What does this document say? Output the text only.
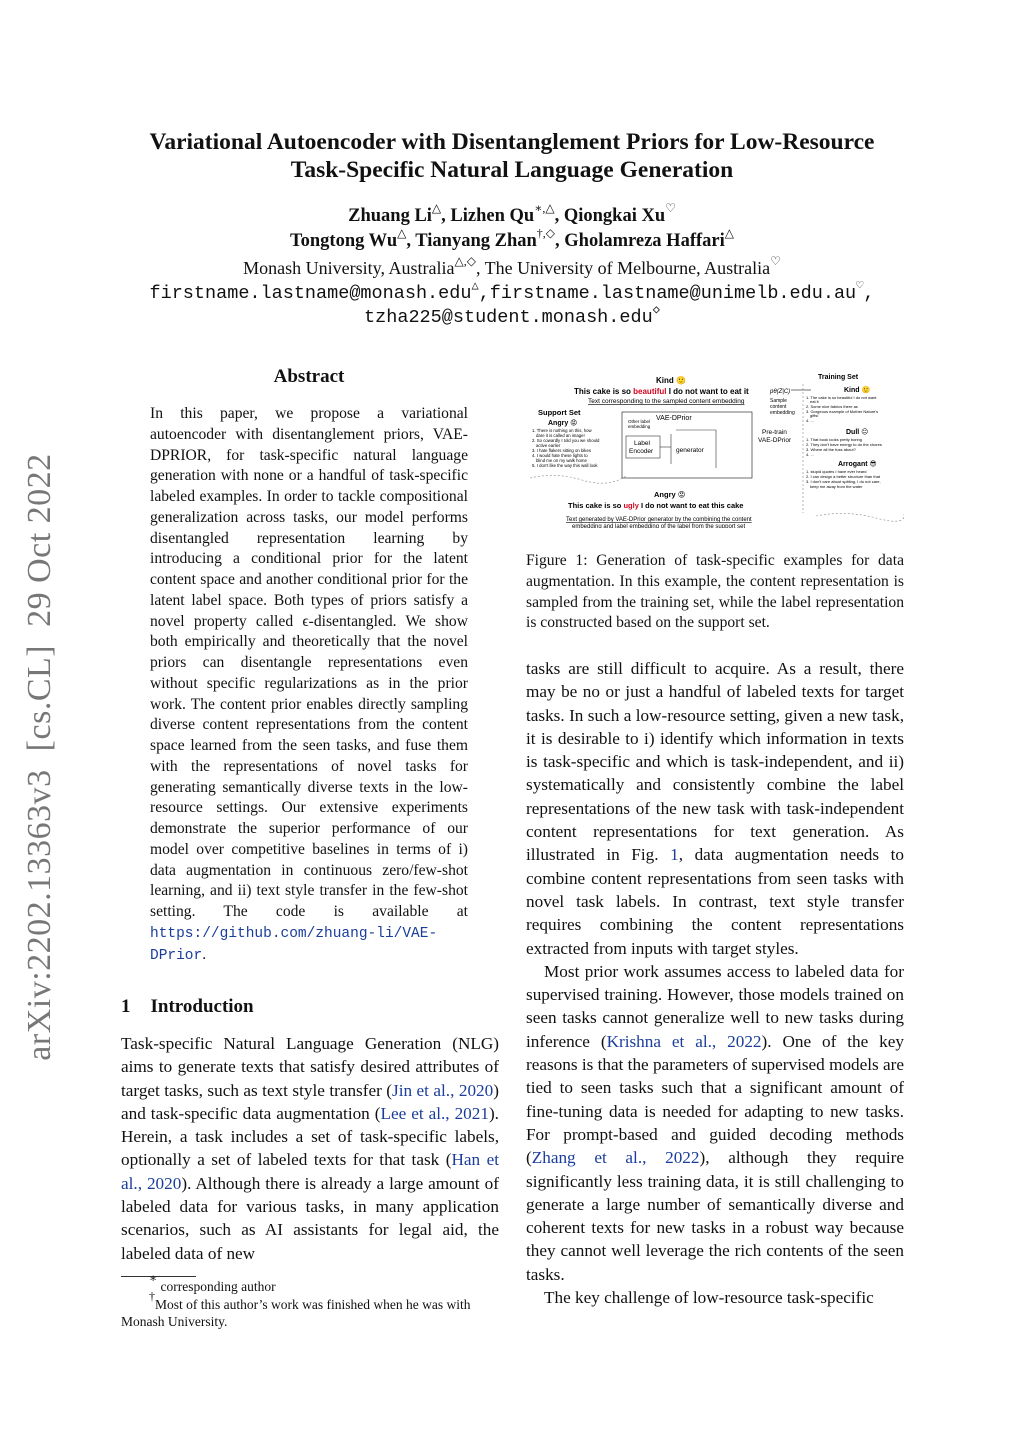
Variational Autoencoder with Disentanglement Priors for Low-Resource
Task-Specific Natural Language Generation
Zhuang Li△, Lizhen Qu∗,△, Qiongkai Xu♡
Tongtong Wu△, Tianyang Zhan†,◇, Gholamreza Haffari△
Monash University, Australia△,◇, The University of Melbourne, Australia♡
firstname.lastname@monash.edu△,firstname.lastname@unimelb.edu.au♡,
tzha225@student.monash.edu◇
arXiv:2202.13363v3  [cs.CL]  29 Oct 2022
Abstract
In this paper, we propose a variational autoencoder with disentanglement priors, VAE-DPRIOR, for task-specific natural language generation with none or a handful of task-specific labeled examples. In order to tackle compositional generalization across tasks, our model performs disentangled representation learning by introducing a conditional prior for the latent content space and another conditional prior for the latent label space. Both types of priors satisfy a novel property called ϵ-disentangled. We show both empirically and theoretically that the novel priors can disentangle representations even without specific regularizations as in the prior work. The content prior enables directly sampling diverse content representations from the content space learned from the seen tasks, and fuse them with the representations of novel tasks for generating semantically diverse texts in the low-resource settings. Our extensive experiments demonstrate the superior performance of our model over competitive baselines in terms of i) data augmentation in continuous zero/few-shot learning, and ii) text style transfer in the few-shot setting. The code is available at https://github.com/zhuang-li/VAE-DPrior.
1 Introduction

Task-specific Natural Language Generation (NLG) aims to generate texts that satisfy desired attributes of target tasks, such as text style transfer (Jin et al., 2020) and task-specific data augmentation (Lee et al., 2021). Herein, a task includes a set of task-specific labels, optionally a set of labeled texts for that task (Han et al., 2020). Although there is already a large amount of labeled data for various tasks, in many application scenarios, such as AI assistants for legal aid, the labeled data of new

∗ corresponding author
†Most of this author’s work was finished when he was with Monash University.
Kind 🙂
This cake is so beautiful I do not want to eat it
Text corresponding to the sampled content embedding
pθ(Z|C)
Sample content embedding
Support Set
Angry 😡
1. There is nothing on this, how
dare it is called an image!
2. So cowardly I told you we should
active earlier
3. I hate flakers sitting on bikes
4. I would hate these lights to
blind me on my walk home
5. I don't like the way this wall look
VAE-DPrior
Other label embedding
Label Encoder	generator
Pre-train VAE-DPrior
Training Set
Kind 🙂
1. The cake is so beautiful I do not want
eat it
2. Some nice fabrics there as
3. Gorgeous example of Mother Nature's
gifts!
4. ...
Dull 😐
1. That book looks pretty boring
2. They don't have energy to do the chores
3. Where all the fuss about?
4. ...
Arrogant 😎
1. stupid quotes I have ever heard
2. I can design a better structure than that
3. I don't care about spitting, I do not care,
keep me away from the water
Angry 😡
This cake is so ugly I do not want to eat this cake
Text generated by VAE-DPrior generator by the combining the content embedding and label embedding of the label from the support set
Figure 1: Generation of task-specific examples for data augmentation. In this example, the content representation is sampled from the training set, while the label representation is constructed based on the support set.

tasks are still difficult to acquire. As a result, there may be no or just a handful of labeled texts for target tasks. In such a low-resource setting, given a new task, it is desirable to i) identify which information in texts is task-specific and which is task-independent, and ii) systematically and consistently combine the label representations of the new task with task-independent content representations for text generation. As illustrated in Fig. 1, data augmentation needs to combine content representations from seen tasks with novel task labels. In contrast, text style transfer requires combining the content representations extracted from inputs with target styles.

Most prior work assumes access to labeled data for supervised training. However, those models trained on seen tasks cannot generalize well to new tasks during inference (Krishna et al., 2022). One of the key reasons is that the parameters of supervised models are tied to seen tasks such that a significant amount of fine-tuning data is needed for adapting to new tasks. For prompt-based and guided decoding methods (Zhang et al., 2022), although they require significantly less training data, it is still challenging to generate a large number of semantically diverse and coherent texts for new tasks in a robust way because they cannot well leverage the rich contents of the seen tasks.

The key challenge of low-resource task-specific
